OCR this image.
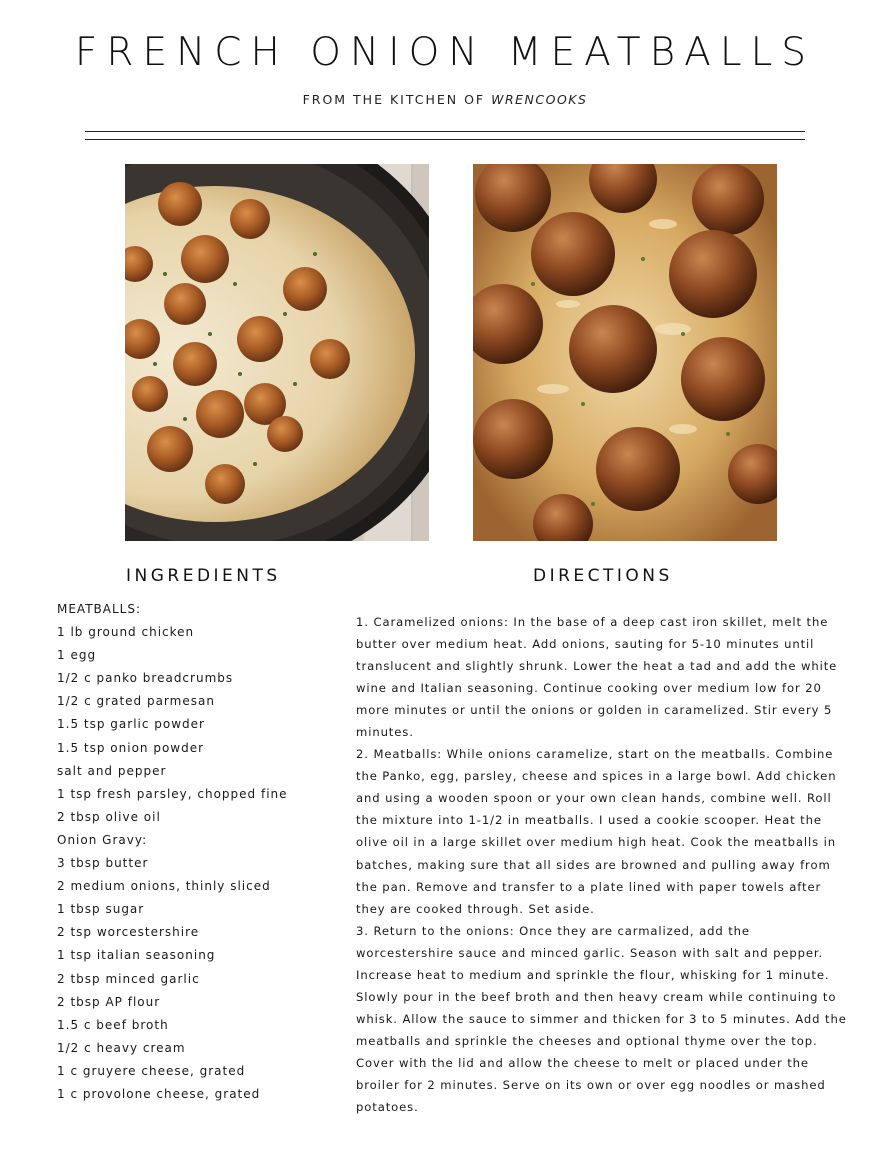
FRENCH ONION MEATBALLS
FROM THE KITCHEN OF WRENCOOKS
INGREDIENTS	DIRECTIONS
MEATBALLS:
1 lb ground chicken
1 egg
1/2 c panko breadcrumbs
1/2 c grated parmesan
1.5 tsp garlic powder
1.5 tsp onion powder
salt and pepper
1 tsp fresh parsley, chopped fine
2 tbsp olive oil
Onion Gravy:
3 tbsp butter
2 medium onions, thinly sliced
1 tbsp sugar
2 tsp worcestershire
1 tsp italian seasoning
2 tbsp minced garlic
2 tbsp AP flour
1.5 c beef broth
1/2 c heavy cream
1 c gruyere cheese, grated
1 c provolone cheese, grated
1. Caramelized onions: In the base of a deep cast iron skillet, melt the butter over medium heat. Add onions, sauting for 5-10 minutes until translucent and slightly shrunk. Lower the heat a tad and add the white wine and Italian seasoning. Continue cooking over medium low for 20 more minutes or until the onions or golden in caramelized. Stir every 5 minutes.
2. Meatballs: While onions caramelize, start on the meatballs. Combine the Panko, egg, parsley, cheese and spices in a large bowl. Add chicken and using a wooden spoon or your own clean hands, combine well. Roll the mixture into 1-1/2 in meatballs. I used a cookie scooper. Heat the olive oil in a large skillet over medium high heat. Cook the meatballs in batches, making sure that all sides are browned and pulling away from the pan. Remove and transfer to a plate lined with paper towels after they are cooked through. Set aside.
3. Return to the onions: Once they are carmalized, add the worcestershire sauce and minced garlic. Season with salt and pepper. Increase heat to medium and sprinkle the flour, whisking for 1 minute. Slowly pour in the beef broth and then heavy cream while continuing to whisk. Allow the sauce to simmer and thicken for 3 to 5 minutes. Add the meatballs and sprinkle the cheeses and optional thyme over the top. Cover with the lid and allow the cheese to melt or placed under the broiler for 2 minutes. Serve on its own or over egg noodles or mashed potatoes.
